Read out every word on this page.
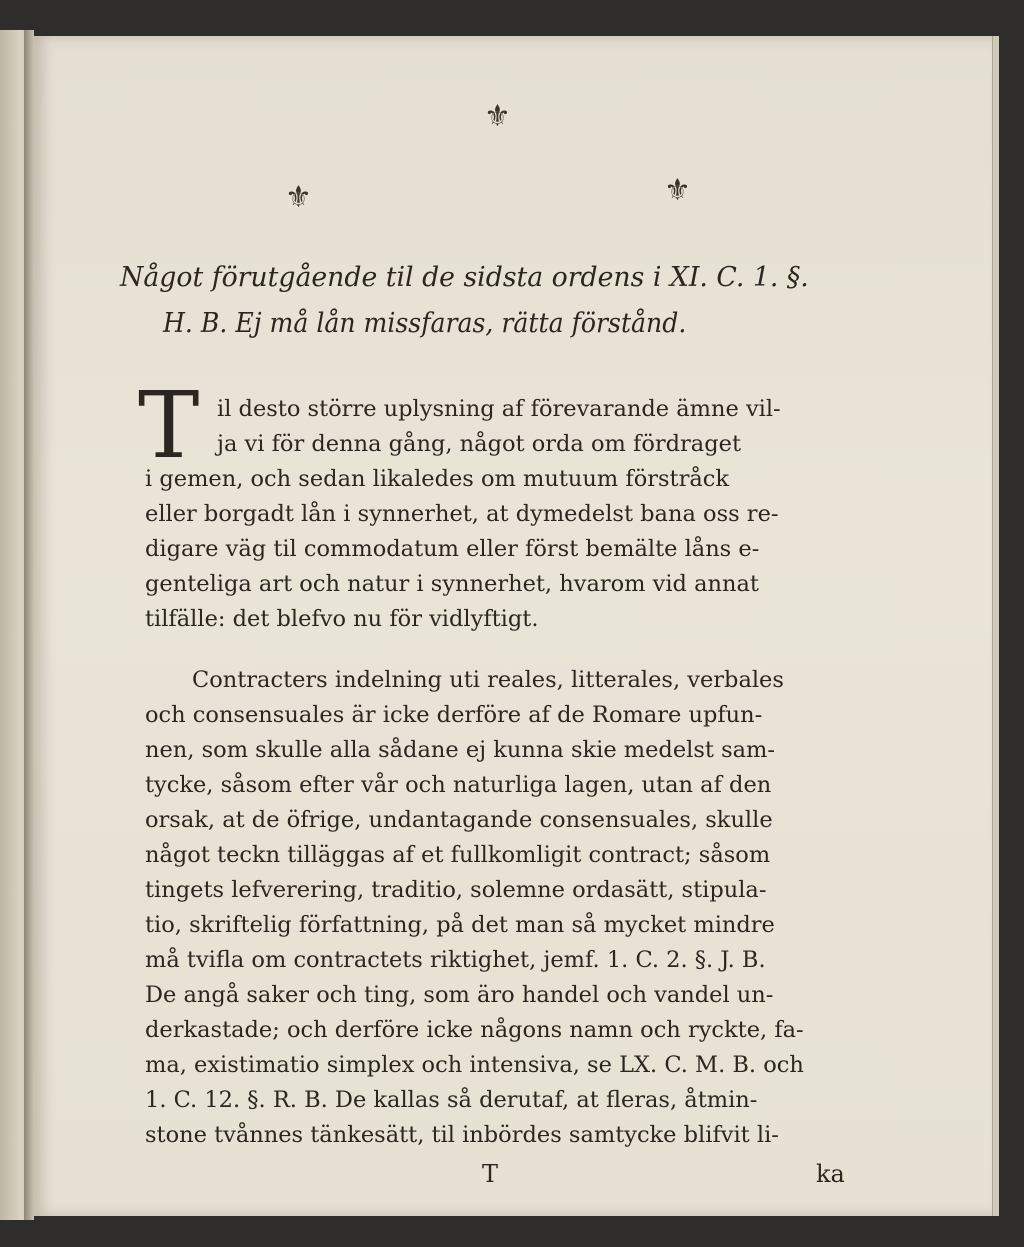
⚜
⚜	⚜
Något förutgående til de sidsta ordens i XI. C. 1. §.
H. B. Ej må lån missfaras, rätta förstånd.
T il desto större uplysning af förevarande ämne vil-
ja vi för denna gång, något orda om fördraget
i gemen, och sedan likaledes om mutuum förstråck
eller borgadt lån i synnerhet, at dymedelst bana oss re-
digare väg til commodatum eller först bemälte låns e-
genteliga art och natur i synnerhet, hvarom vid annat
tilfälle: det blefvo nu för vidlyftigt.
Contracters indelning uti reales, litterales, verbales
och consensuales är icke derföre af de Romare upfun-
nen, som skulle alla sådane ej kunna skie medelst sam-
tycke, såsom efter vår och naturliga lagen, utan af den
orsak, at de öfrige, undantagande consensuales, skulle
något teckn tilläggas af et fullkomligit contract; såsom
tingets lefverering, traditio, solemne ordasätt, stipula-
tio, skriftelig författning, på det man så mycket mindre
må tvifla om contractets riktighet, jemf. 1. C. 2. §. J. B.
De angå saker och ting, som äro handel och vandel un-
derkastade; och derföre icke någons namn och ryckte, fa-
ma, existimatio simplex och intensiva, se LX. C. M. B. och
1. C. 12. §. R. B. De kallas så derutaf, at fleras, åtmin-
stone tvånnes tänkesätt, til inbördes samtycke blifvit li-
T	ka
